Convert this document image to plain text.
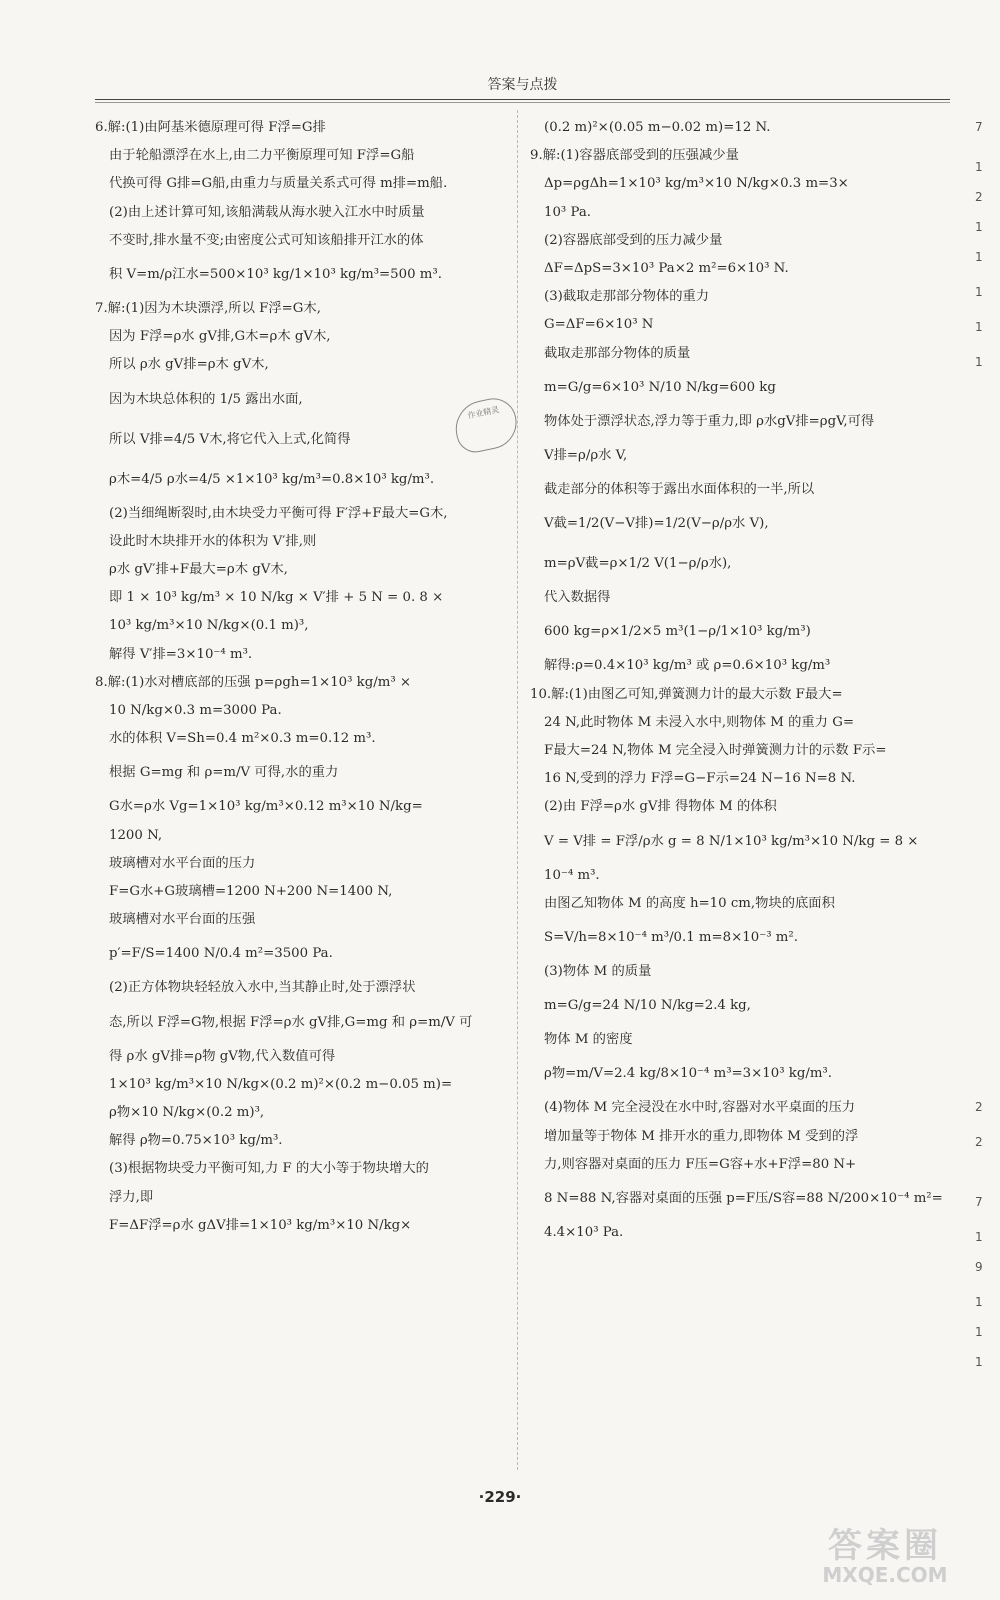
答案与点拨
6.解:(1)由阿基米德原理可得 F浮=G排
由于轮船漂浮在水上,由二力平衡原理可知 F浮=G船
代换可得 G排=G船,由重力与质量关系式可得 m排=m船.
(2)由上述计算可知,该船满载从海水驶入江水中时质量
不变时,排水量不变;由密度公式可知该船排开江水的体
积 V=m/ρ江水=500×10³ kg/1×10³ kg/m³=500 m³.
7.解:(1)因为木块漂浮,所以 F浮=G木,
因为 F浮=ρ水 gV排,G木=ρ木 gV木,
所以 ρ水 gV排=ρ木 gV木,
因为木块总体积的 1/5 露出水面,
所以 V排=4/5 V木,将它代入上式,化简得
ρ木=4/5 ρ水=4/5 ×1×10³ kg/m³=0.8×10³ kg/m³.
(2)当细绳断裂时,由木块受力平衡可得 F′浮+F最大=G木,
设此时木块排开水的体积为 V′排,则
ρ水 gV′排+F最大=ρ木 gV木,
即 1 × 10³ kg/m³ × 10 N/kg × V′排 + 5 N = 0. 8 ×
10³ kg/m³×10 N/kg×(0.1 m)³,
解得 V′排=3×10⁻⁴ m³.
8.解:(1)水对槽底部的压强 p=ρgh=1×10³ kg/m³ ×
10 N/kg×0.3 m=3000 Pa.
水的体积 V=Sh=0.4 m²×0.3 m=0.12 m³.
根据 G=mg 和 ρ=m/V 可得,水的重力
G水=ρ水 Vg=1×10³ kg/m³×0.12 m³×10 N/kg=
1200 N,
玻璃槽对水平台面的压力
F=G水+G玻璃槽=1200 N+200 N=1400 N,
玻璃槽对水平台面的压强
p′=F/S=1400 N/0.4 m²=3500 Pa.
(2)正方体物块轻轻放入水中,当其静止时,处于漂浮状
态,所以 F浮=G物,根据 F浮=ρ水 gV排,G=mg 和 ρ=m/V 可
得 ρ水 gV排=ρ物 gV物,代入数值可得
1×10³ kg/m³×10 N/kg×(0.2 m)²×(0.2 m−0.05 m)=
ρ物×10 N/kg×(0.2 m)³,
解得 ρ物=0.75×10³ kg/m³.
(3)根据物块受力平衡可知,力 F 的大小等于物块增大的
浮力,即
F=ΔF浮=ρ水 gΔV排=1×10³ kg/m³×10 N/kg×
(0.2 m)²×(0.05 m−0.02 m)=12 N.
9.解:(1)容器底部受到的压强减少量
Δp=ρgΔh=1×10³ kg/m³×10 N/kg×0.3 m=3×
10³ Pa.
(2)容器底部受到的压力减少量
ΔF=ΔpS=3×10³ Pa×2 m²=6×10³ N.
(3)截取走那部分物体的重力
G=ΔF=6×10³ N
截取走那部分物体的质量
m=G/g=6×10³ N/10 N/kg=600 kg
物体处于漂浮状态,浮力等于重力,即 ρ水gV排=ρgV,可得
V排=ρ/ρ水 V,
截走部分的体积等于露出水面体积的一半,所以
V截=1/2(V−V排)=1/2(V−ρ/ρ水 V),
m=ρV截=ρ×1/2 V(1−ρ/ρ水),
代入数据得
600 kg=ρ×1/2×5 m³(1−ρ/1×10³ kg/m³)
解得:ρ=0.4×10³ kg/m³ 或 ρ=0.6×10³ kg/m³
10.解:(1)由图乙可知,弹簧测力计的最大示数 F最大=
24 N,此时物体 M 未浸入水中,则物体 M 的重力 G=
F最大=24 N,物体 M 完全浸入时弹簧测力计的示数 F示=
16 N,受到的浮力 F浮=G−F示=24 N−16 N=8 N.
(2)由 F浮=ρ水 gV排 得物体 M 的体积
V = V排 = F浮/ρ水 g = 8 N/1×10³ kg/m³×10 N/kg = 8 ×
10⁻⁴ m³.
由图乙知物体 M 的高度 h=10 cm,物块的底面积
S=V/h=8×10⁻⁴ m³/0.1 m=8×10⁻³ m².
(3)物体 M 的质量
m=G/g=24 N/10 N/kg=2.4 kg,
物体 M 的密度
ρ物=m/V=2.4 kg/8×10⁻⁴ m³=3×10³ kg/m³.
(4)物体 M 完全浸没在水中时,容器对水平桌面的压力
增加量等于物体 M 排开水的重力,即物体 M 受到的浮
力,则容器对桌面的压力 F压=G容+水+F浮=80 N+
8 N=88 N,容器对桌面的压强 p=F压/S容=88 N/200×10⁻⁴ m²=
4.4×10³ Pa.
作业精灵
7
1
2
1
1
1
1
1
2
2
7
1
9
1
1
1
·229·
答案圈
MXQE.COM
